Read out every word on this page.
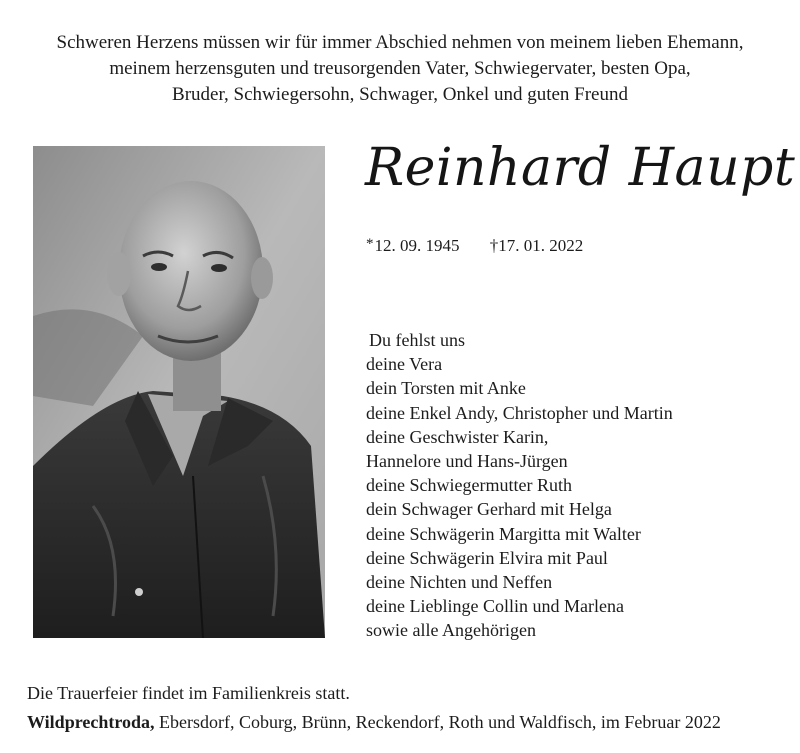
Schweren Herzens müssen wir für immer Abschied nehmen von meinem lieben Ehemann,
meinem herzensguten und treusorgenden Vater, Schwiegervater, besten Opa,
Bruder, Schwiegersohn, Schwager, Onkel und guten Freund
Reinhard Haupt
*12. 09. 1945 †17. 01. 2022
Du fehlst uns
deine Vera
dein Torsten mit Anke
deine Enkel Andy, Christopher und Martin
deine Geschwister Karin,
Hannelore und Hans-Jürgen
deine Schwiegermutter Ruth
dein Schwager Gerhard mit Helga
deine Schwägerin Margitta mit Walter
deine Schwägerin Elvira mit Paul
deine Nichten und Neffen
deine Lieblinge Collin und Marlena
sowie alle Angehörigen
Die Trauerfeier findet im Familienkreis statt.
Wildprechtroda, Ebersdorf, Coburg, Brünn, Reckendorf, Roth und Waldfisch, im Februar 2022
